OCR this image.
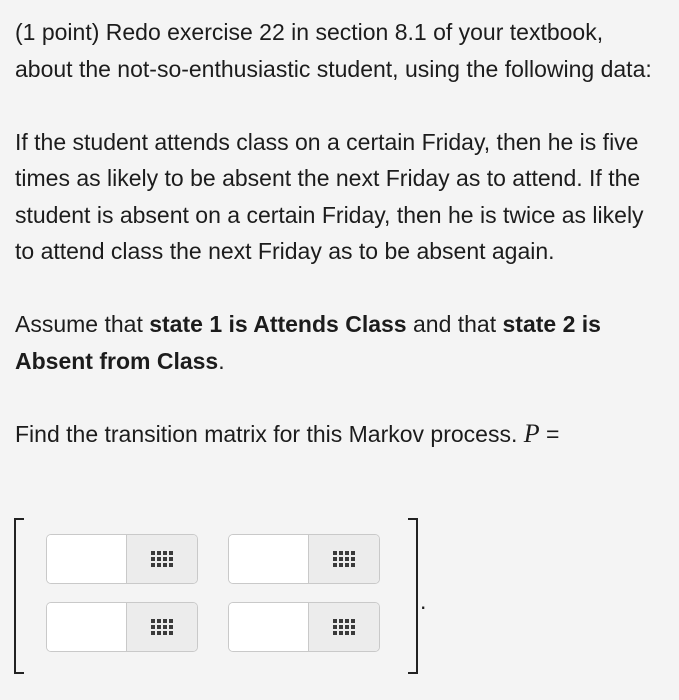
(1 point) Redo exercise 22 in section 8.1 of your textbook, about the not-so-enthusiastic student, using the following data:

If the student attends class on a certain Friday, then he is five times as likely to be absent the next Friday as to attend. If the student is absent on a certain Friday, then he is twice as likely to attend class the next Friday as to be absent again.

Assume that state 1 is Attends Class and that state 2 is Absent from Class.

Find the transition matrix for this Markov process. P =

.
